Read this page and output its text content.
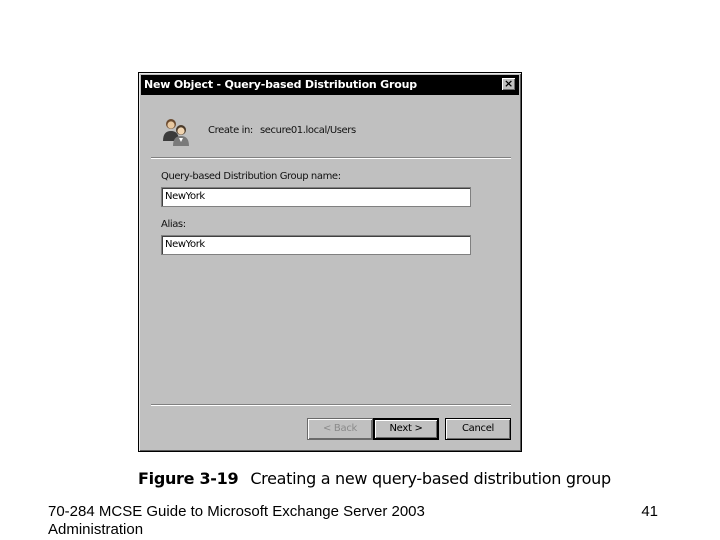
New Object - Query-based Distribution Group	×
Create in: secure01.local/Users
Query-based Distribution Group name:
NewYork
Alias:
NewYork
< Back	Next >	Cancel
Figure 3-19 Creating a new query-based distribution group
70-284 MCSE Guide to Microsoft Exchange Server 2003 Administration
41
